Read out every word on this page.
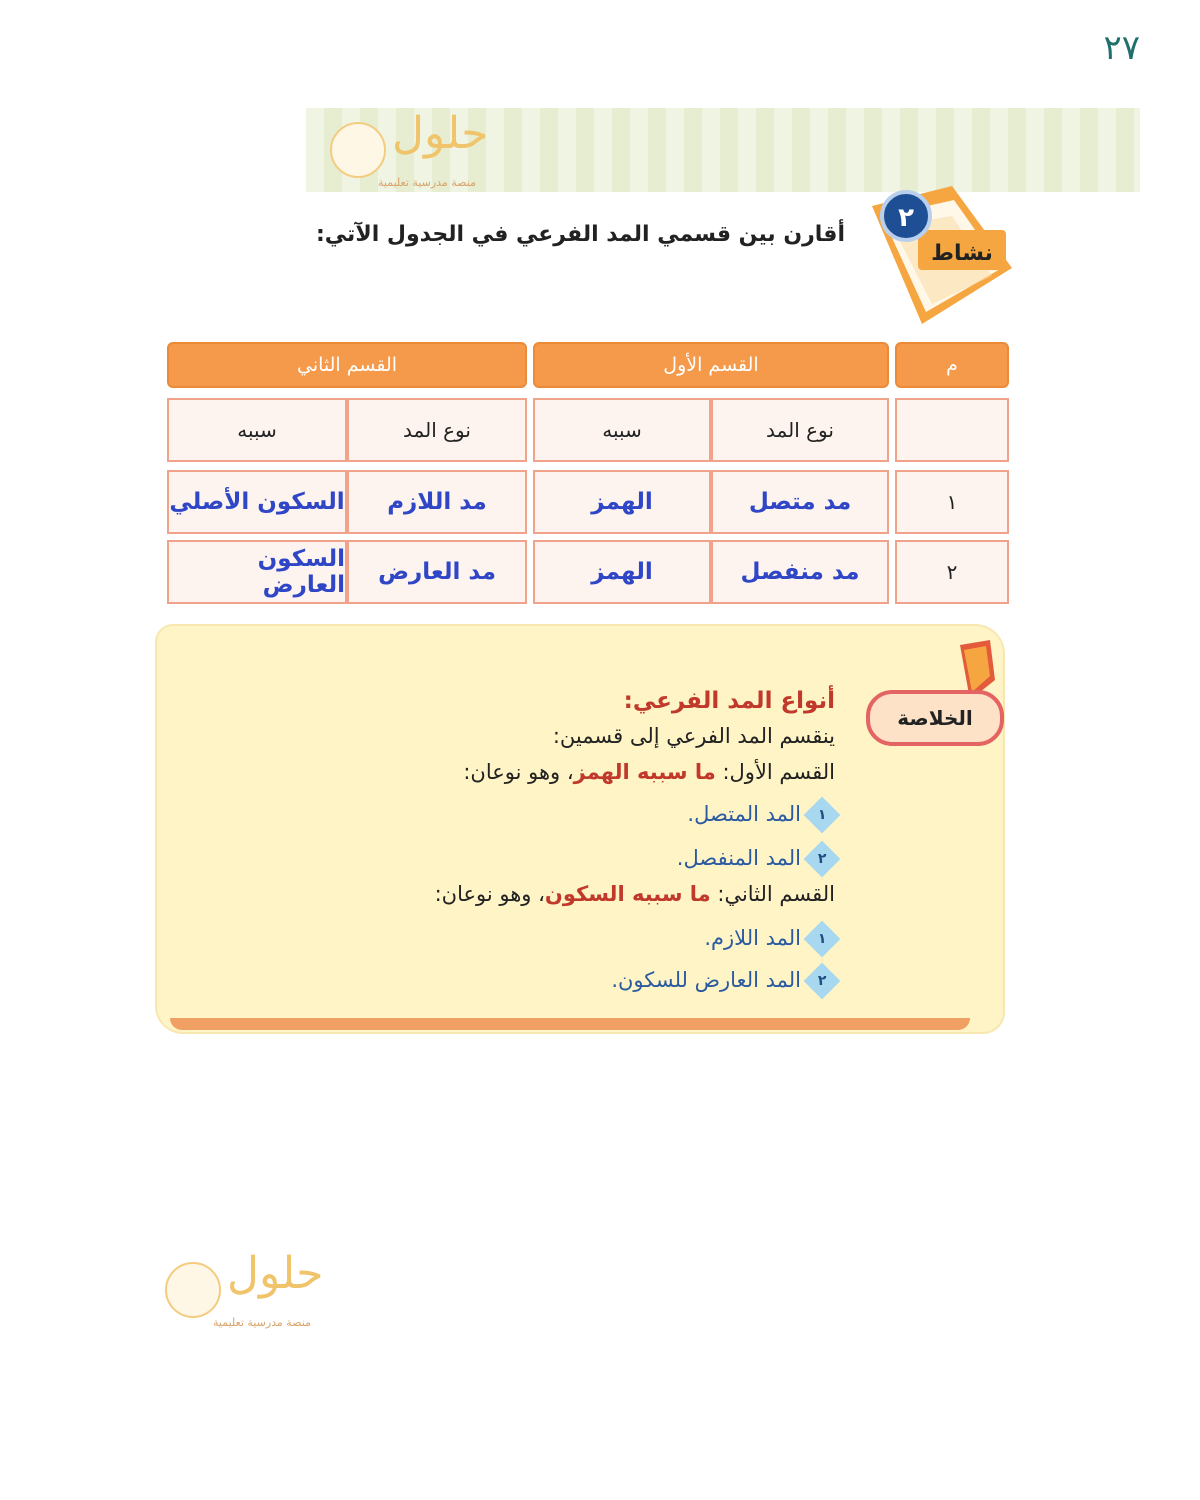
٢٧
حلول
منصة مدرسية تعليمية
٢
نشاط
أقارن بين قسمي المد الفرعي في الجدول الآتي:
م
القسم الأول
القسم الثاني
نوع المد
سببه
نوع المد
سببه
١
مد متصل
الهمز
مد اللازم
السكون الأصلي
٢
مد منفصل
الهمز
مد العارض
السكون العارض
الخلاصة
أنواع المد الفرعي:
ينقسم المد الفرعي إلى قسمين:
القسم الأول: ما سببه الهمز، وهو نوعان:
١
المد المتصل.
٢
المد المنفصل.
القسم الثاني: ما سببه السكون، وهو نوعان:
١
المد اللازم.
٢
المد العارض للسكون.
حلول
منصة مدرسية تعليمية
